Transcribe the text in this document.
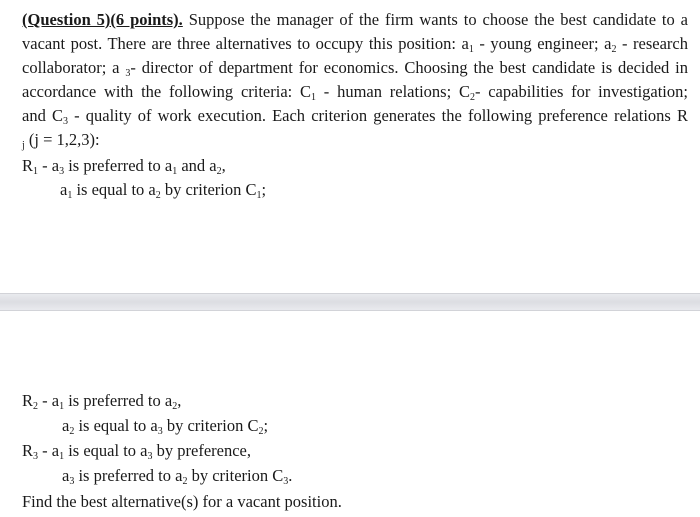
(Question 5)(6 points). Suppose the manager of the firm wants to choose the best candidate to a
vacant post. There are three alternatives to occupy this position: $a_1$ - young engineer; $a_2$ - research
collaborator; a $_3$- director of department for economics. Choosing the best candidate is decided in
accordance with the following criteria: $C_1$ - human relations; $C_2-$ capabilities for investigation;
and $C_3$ - quality of work execution. Each criterion generates the following preference relations R
$_j$ (j = 1,2,3):
$R_1 - a_3$ is preferred to $a_1$ and $a_2$,
$a_1$ is equal to $a_2$ by criterion $C_1$;
$R_2 - a_1$ is preferred to $a_2$,
$a_2$ is equal to $a_3$ by criterion $C_2$;
$R_3 - a_1$ is equal to $a_3$ by preference,
$a_3$ is preferred to $a_2$ by criterion $C_3$.
Find the best alternative(s) for a vacant position.
